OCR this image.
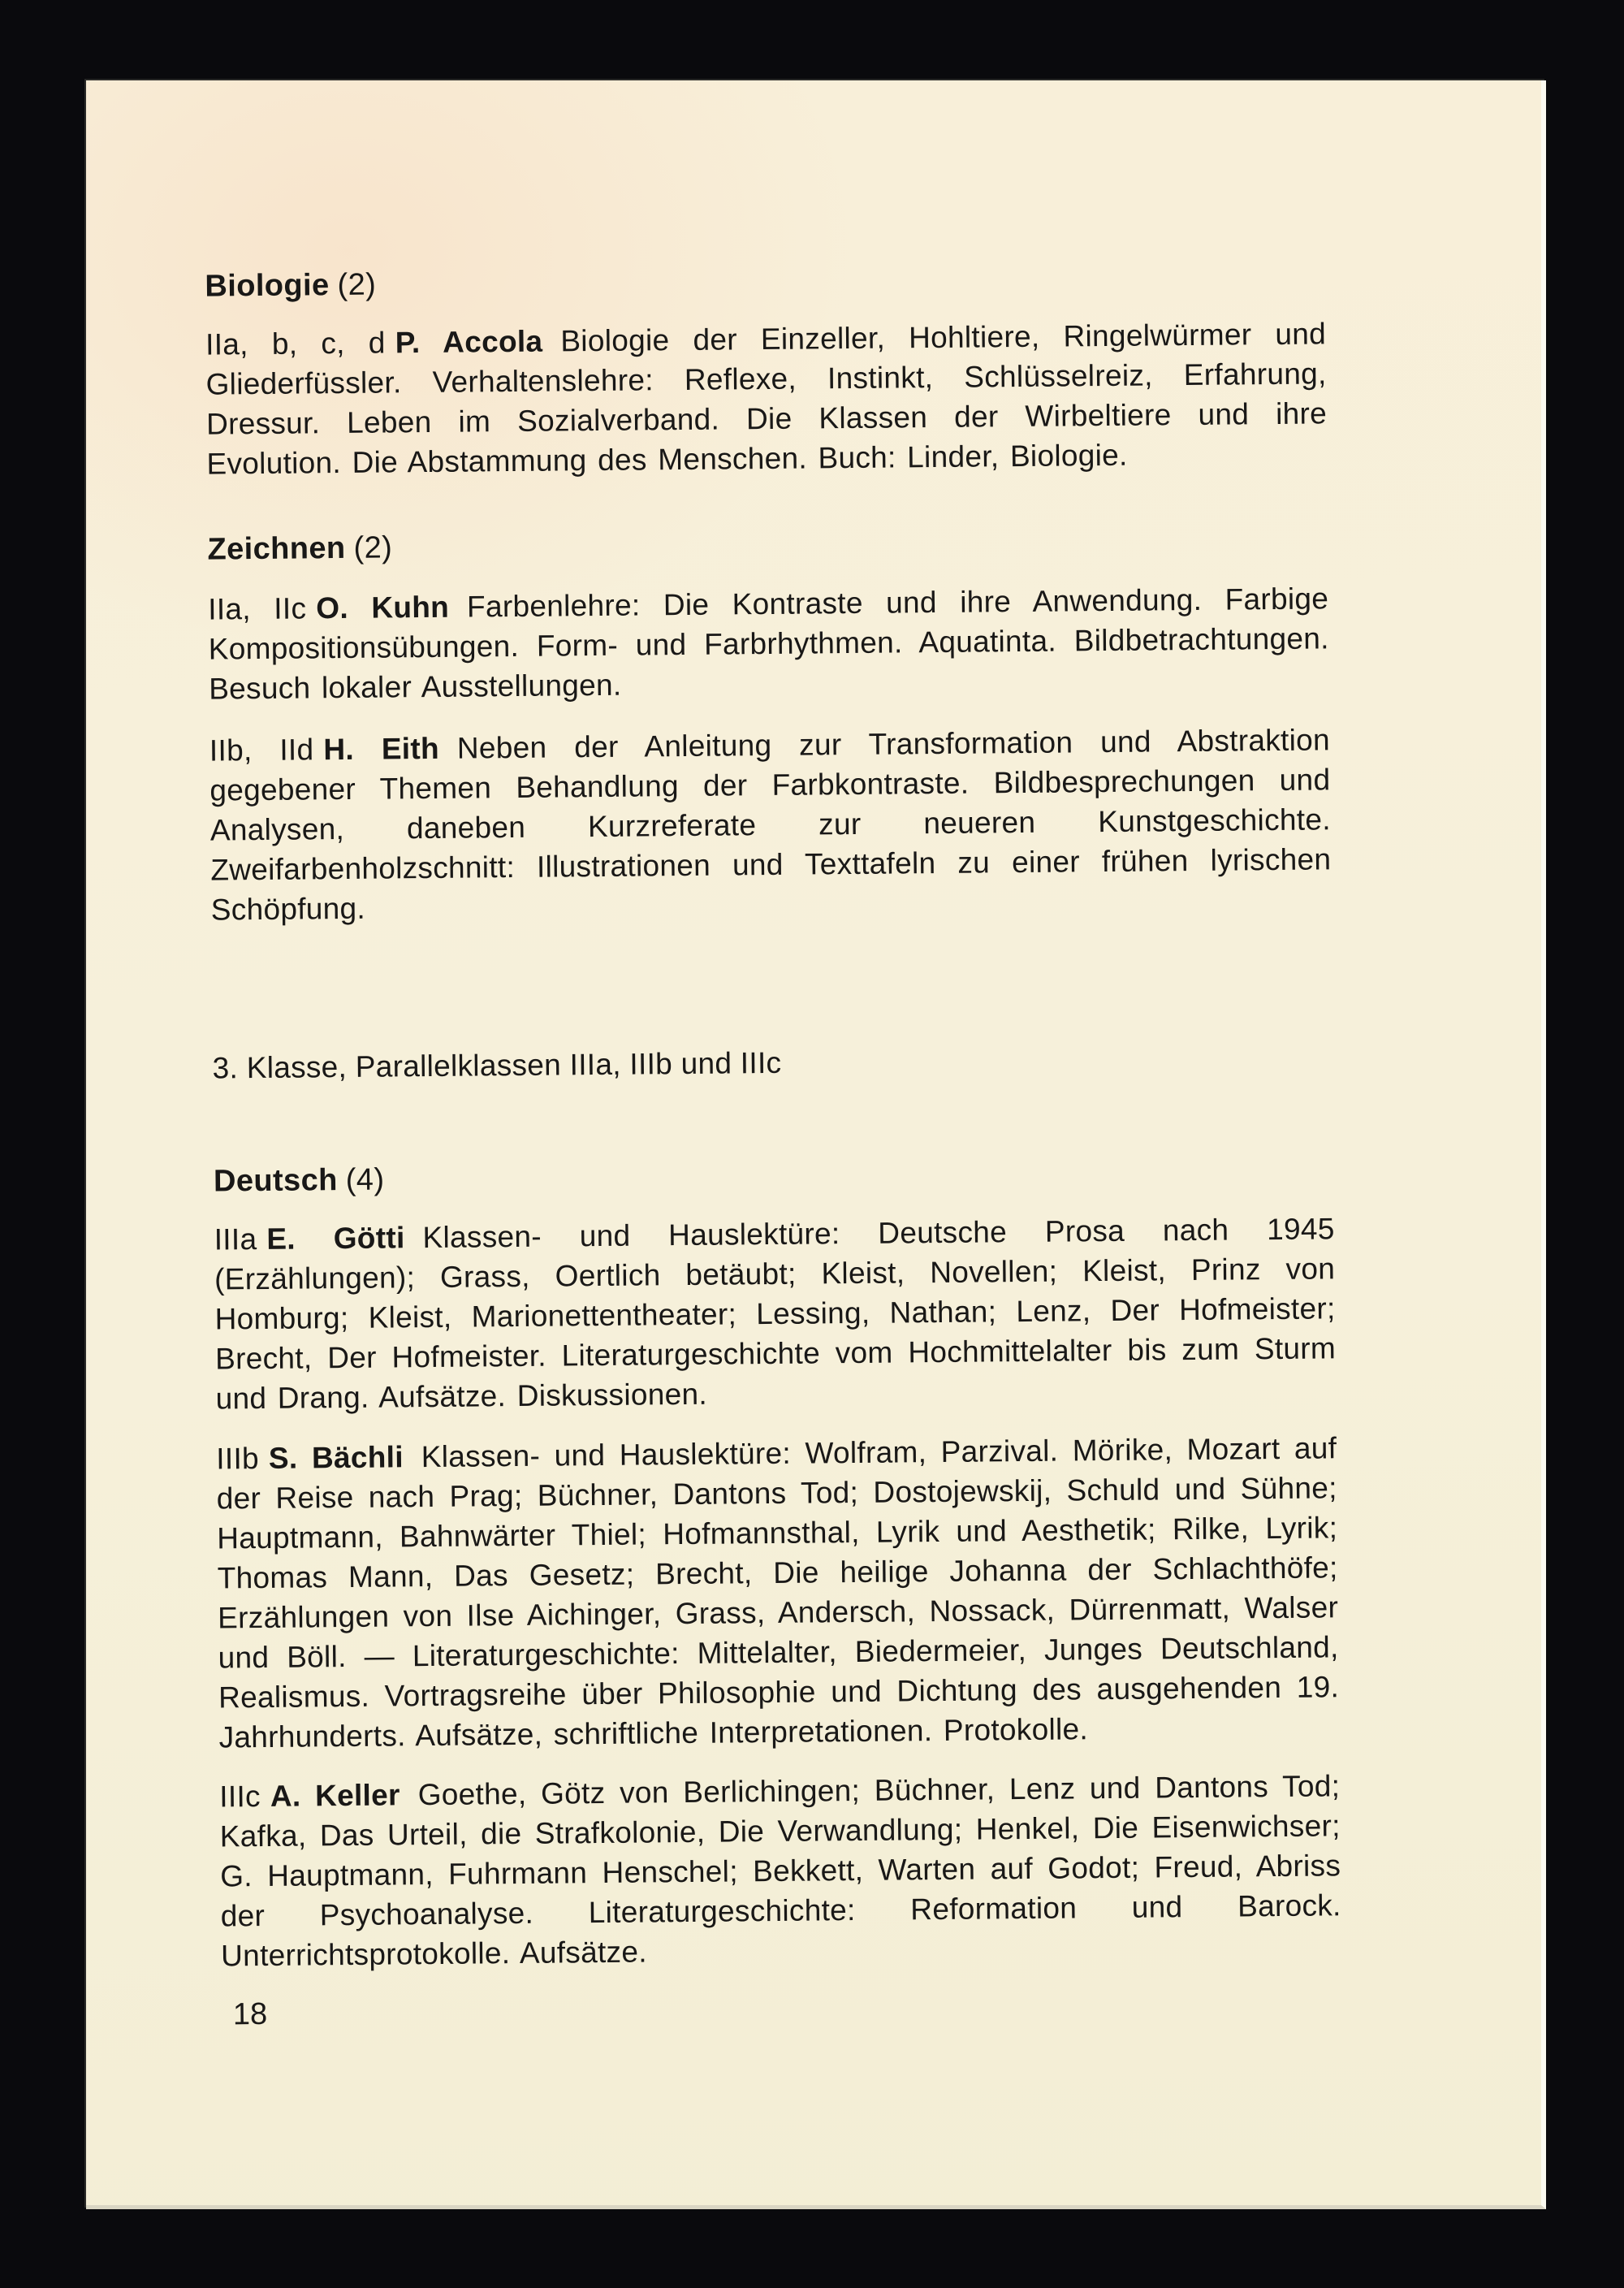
Biologie (2)

IIa, b, c, d P. Accola Biologie der Einzeller, Hohltiere, Ringelwürmer und Gliederfüssler. Verhaltenslehre: Reflexe, Instinkt, Schlüsselreiz, Erfahrung, Dressur. Leben im Sozialverband. Die Klassen der Wirbeltiere und ihre Evolution. Die Abstammung des Menschen. Buch: Linder, Biologie.

Zeichnen (2)

IIa, IIc O. Kuhn Farbenlehre: Die Kontraste und ihre Anwendung. Farbige Kompositionsübungen. Form- und Farbrhythmen. Aquatinta. Bildbetrachtungen. Besuch lokaler Ausstellungen.

IIb, IId H. Eith Neben der Anleitung zur Transformation und Abstraktion gegebener Themen Behandlung der Farbkontraste. Bildbesprechungen und Analysen, daneben Kurzreferate zur neueren Kunstgeschichte. Zweifarbenholzschnitt: Illustrationen und Texttafeln zu einer frühen lyrischen Schöpfung.

3. Klasse, Parallelklassen IIIa, IIIb und IIIc

Deutsch (4)

IIIa E. Götti Klassen- und Hauslektüre: Deutsche Prosa nach 1945 (Erzählungen); Grass, Oertlich betäubt; Kleist, Novellen; Kleist, Prinz von Homburg; Kleist, Marionettentheater; Lessing, Nathan; Lenz, Der Hofmeister; Brecht, Der Hofmeister. Literaturgeschichte vom Hochmittelalter bis zum Sturm und Drang. Aufsätze. Diskussionen.

IIIb S. Bächli Klassen- und Hauslektüre: Wolfram, Parzival. Mörike, Mozart auf der Reise nach Prag; Büchner, Dantons Tod; Dostojewskij, Schuld und Sühne; Hauptmann, Bahnwärter Thiel; Hofmannsthal, Lyrik und Aesthetik; Rilke, Lyrik; Thomas Mann, Das Gesetz; Brecht, Die heilige Johanna der Schlachthöfe; Erzählungen von Ilse Aichinger, Grass, Andersch, Nossack, Dürrenmatt, Walser und Böll. — Literaturgeschichte: Mittelalter, Biedermeier, Junges Deutschland, Realismus. Vortragsreihe über Philosophie und Dichtung des ausgehenden 19. Jahrhunderts. Aufsätze, schriftliche Interpretationen. Protokolle.

IIIc A. Keller Goethe, Götz von Berlichingen; Büchner, Lenz und Dantons Tod; Kafka, Das Urteil, die Strafkolonie, Die Verwandlung; Henkel, Die Eisenwichser; G. Hauptmann, Fuhrmann Henschel; Bekkett, Warten auf Godot; Freud, Abriss der Psychoanalyse. Literaturgeschichte: Reformation und Barock. Unterrichtsprotokolle. Aufsätze.

18
